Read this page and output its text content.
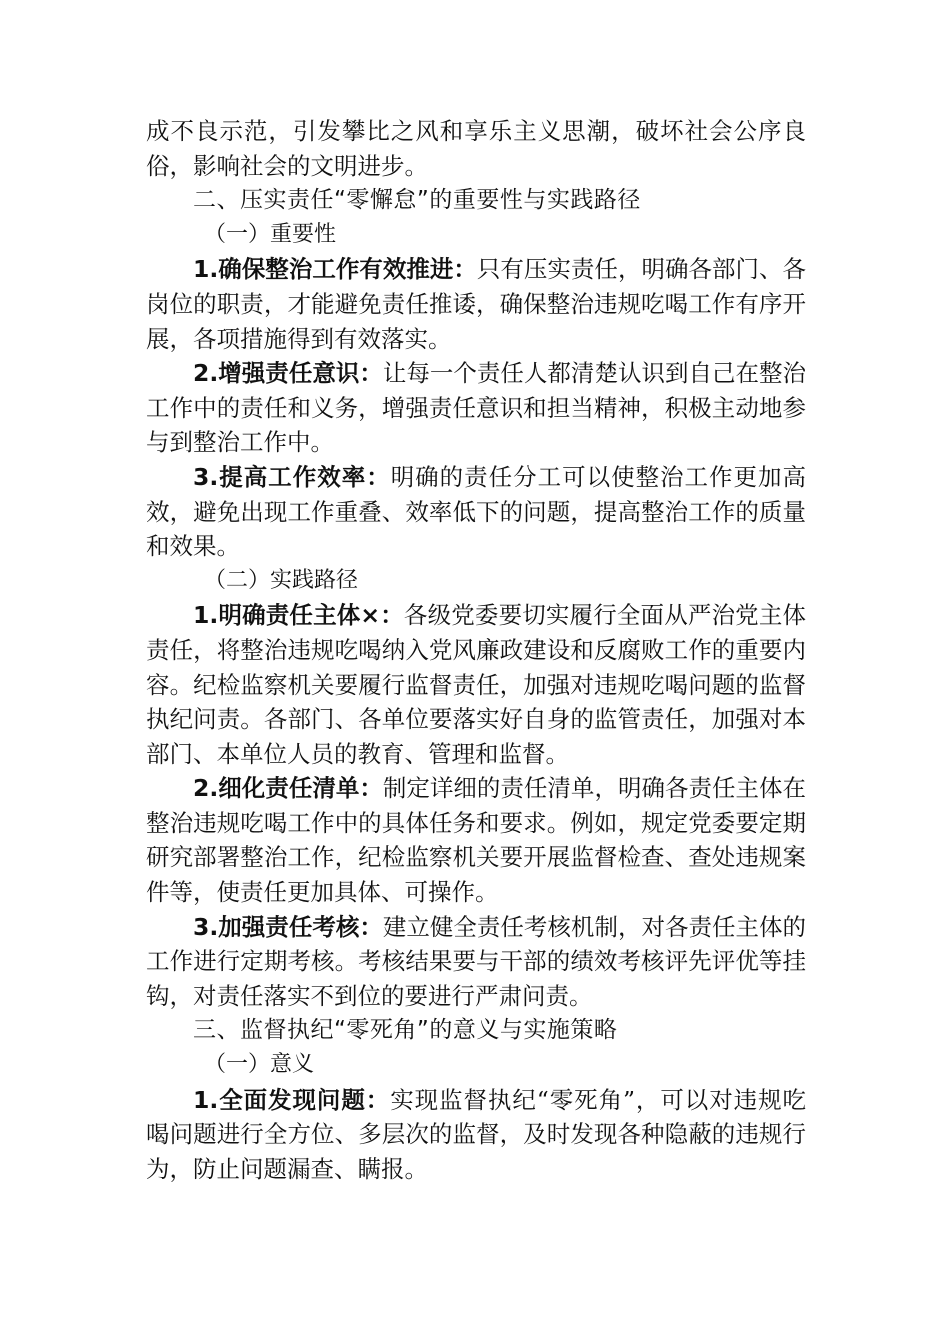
成不良示范，引发攀比之风和享乐主义思潮，破坏社会公序良俗，影响社会的文明进步。

二、压实责任“零懈怠”的重要性与实践路径

（一）重要性

1.确保整治工作有效推进：只有压实责任，明确各部门、各岗位的职责，才能避免责任推诿，确保整治违规吃喝工作有序开展，各项措施得到有效落实。

2.增强责任意识：让每一个责任人都清楚认识到自己在整治工作中的责任和义务，增强责任意识和担当精神，积极主动地参与到整治工作中。

3.提高工作效率：明确的责任分工可以使整治工作更加高效，避免出现工作重叠、效率低下的问题，提高整治工作的质量和效果。

（二）实践路径

1.明确责任主体×：各级党委要切实履行全面从严治党主体责任，将整治违规吃喝纳入党风廉政建设和反腐败工作的重要内容。纪检监察机关要履行监督责任，加强对违规吃喝问题的监督执纪问责。各部门、各单位要落实好自身的监管责任，加强对本部门、本单位人员的教育、管理和监督。

2.细化责任清单：制定详细的责任清单，明确各责任主体在整治违规吃喝工作中的具体任务和要求。例如，规定党委要定期研究部署整治工作，纪检监察机关要开展监督检查、查处违规案件等，使责任更加具体、可操作。

3.加强责任考核：建立健全责任考核机制，对各责任主体的工作进行定期考核。考核结果要与干部的绩效考核评先评优等挂钩，对责任落实不到位的要进行严肃问责。

三、监督执纪“零死角”的意义与实施策略

（一）意义

1.全面发现问题：实现监督执纪“零死角”，可以对违规吃喝问题进行全方位、多层次的监督，及时发现各种隐蔽的违规行为，防止问题漏查、瞒报。
